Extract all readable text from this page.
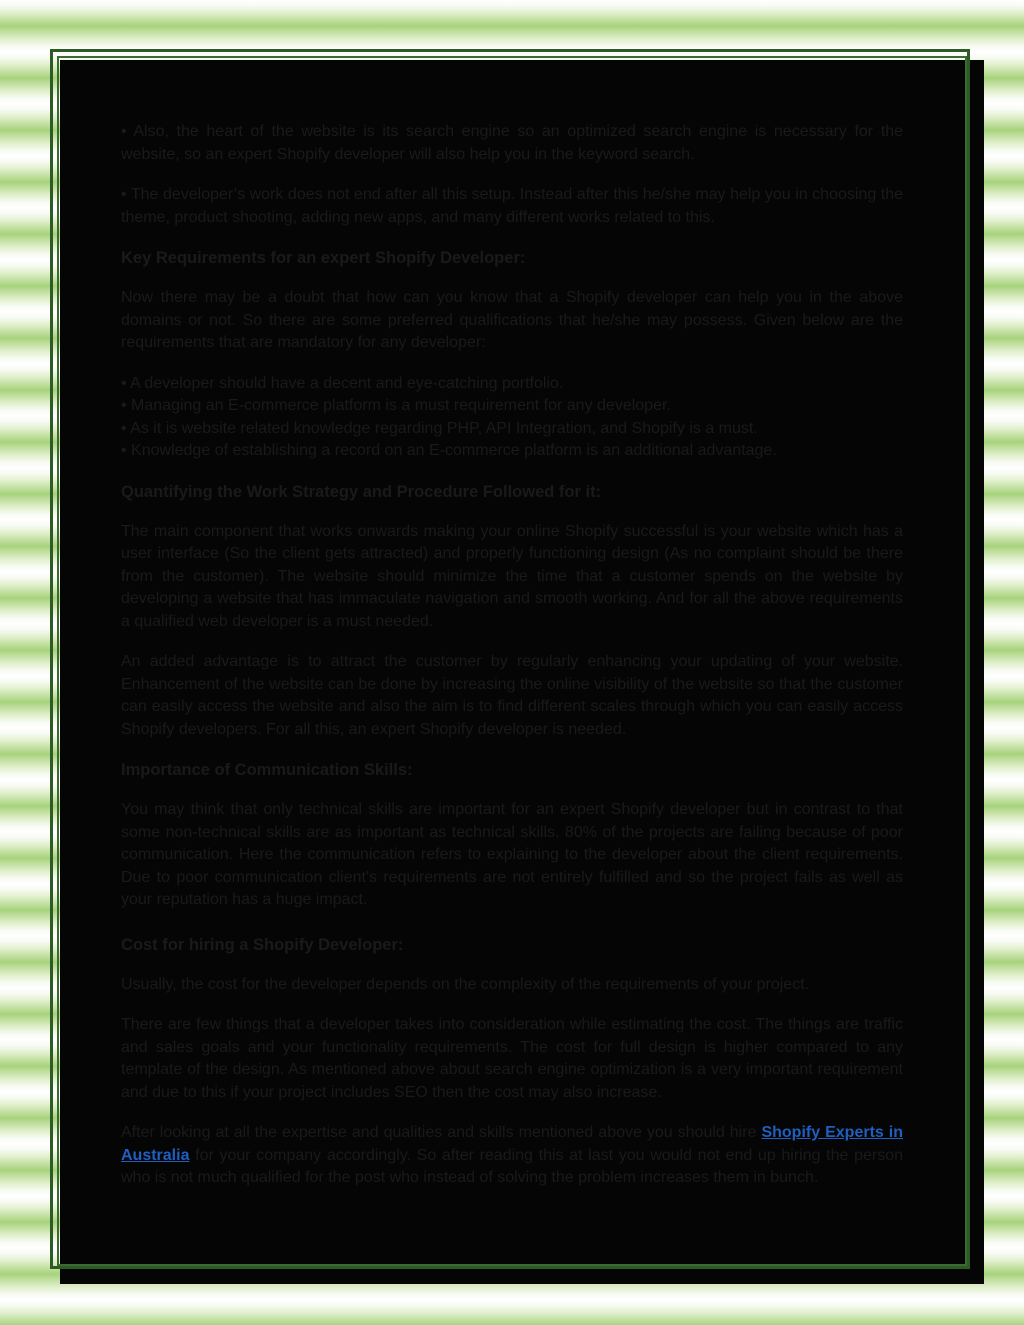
• Also, the heart of the website is its search engine so an optimized search engine is necessary for the website, so an expert Shopify developer will also help you in the keyword search.

• The developer’s work does not end after all this setup. Instead after this he/she may help you in choosing the theme, product shooting, adding new apps, and many different works related to this.

Key Requirements for an expert Shopify Developer:

Now there may be a doubt that how can you know that a Shopify developer can help you in the above domains or not. So there are some preferred qualifications that he/she may possess. Given below are the requirements that are mandatory for any developer:

• A developer should have a decent and eye-catching portfolio.
• Managing an E-commerce platform is a must requirement for any developer.
• As it is website related knowledge regarding PHP, API Integration, and Shopify is a must.
• Knowledge of establishing a record on an E-commerce platform is an additional advantage.
Quantifying the Work Strategy and Procedure Followed for it:

The main component that works onwards making your online Shopify successful is your website which has a user interface (So the client gets attracted) and properly functioning design (As no complaint should be there from the customer). The website should minimize the time that a customer spends on the website by developing a website that has immaculate navigation and smooth working. And for all the above requirements a qualified web developer is a must needed.

An added advantage is to attract the customer by regularly enhancing your updating of your website. Enhancement of the website can be done by increasing the online visibility of the website so that the customer can easily access the website and also the aim is to find different scales through which you can easily access Shopify developers. For all this, an expert Shopify developer is needed.

Importance of Communication Skills:

You may think that only technical skills are important for an expert Shopify developer but in contrast to that some non-technical skills are as important as technical skills. 80% of the projects are failing because of poor communication. Here the communication refers to explaining to the developer about the client requirements. Due to poor communication client's requirements are not entirely fulfilled and so the project fails as well as your reputation has a huge impact.

Cost for hiring a Shopify Developer:

Usually, the cost for the developer depends on the complexity of the requirements of your project.

There are few things that a developer takes into consideration while estimating the cost. The things are traffic and sales goals and your functionality requirements. The cost for full design is higher compared to any template of the design. As mentioned above about search engine optimization is a very important requirement and due to this if your project includes SEO then the cost may also increase.

After looking at all the expertise and qualities and skills mentioned above you should hire Shopify Experts in Australia for your company accordingly. So after reading this at last you would not end up hiring the person who is not much qualified for the post who instead of solving the problem increases them in bunch.
